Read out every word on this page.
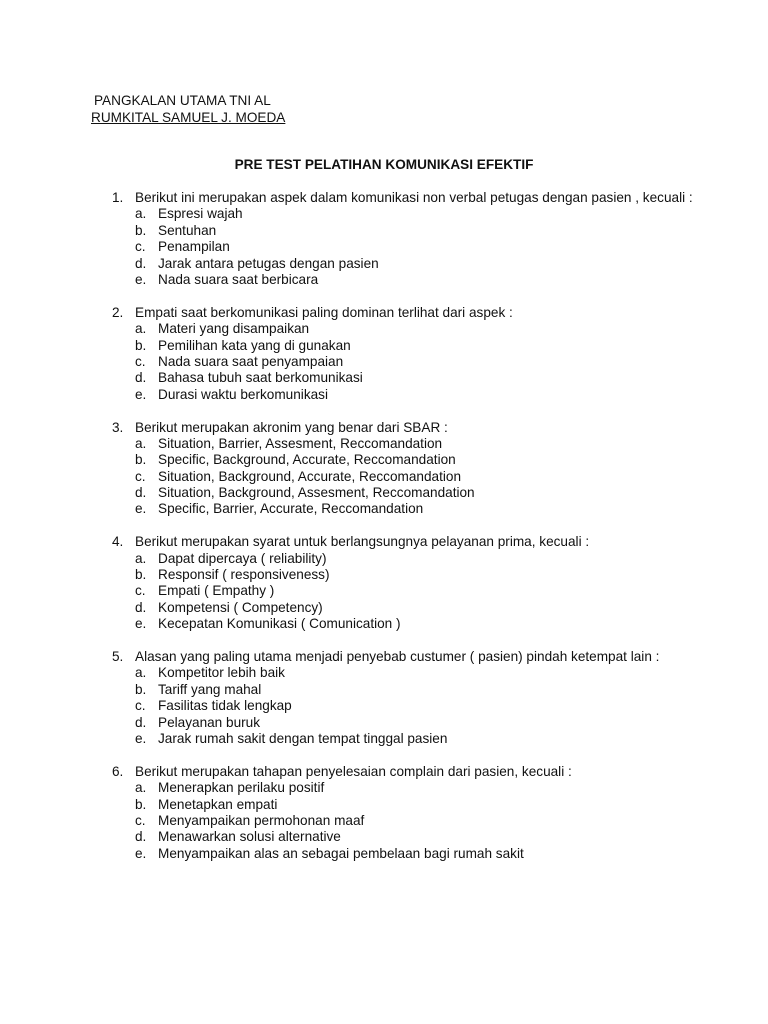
PANGKALAN UTAMA TNI AL
RUMKITAL SAMUEL J. MOEDA
PRE TEST PELATIHAN KOMUNIKASI EFEKTIF
1. Berikut ini merupakan aspek dalam komunikasi non verbal petugas dengan pasien , kecuali :
a. Espresi wajah
b. Sentuhan
c. Penampilan
d. Jarak antara petugas dengan pasien
e. Nada suara saat berbicara
2. Empati saat berkomunikasi paling dominan terlihat dari aspek :
a. Materi yang disampaikan
b. Pemilihan kata yang di gunakan
c. Nada suara saat penyampaian
d. Bahasa tubuh saat berkomunikasi
e. Durasi waktu berkomunikasi
3. Berikut merupakan akronim yang benar dari SBAR :
a. Situation, Barrier, Assesment, Reccomandation
b. Specific, Background, Accurate, Reccomandation
c. Situation, Background, Accurate, Reccomandation
d. Situation, Background, Assesment, Reccomandation
e. Specific, Barrier, Accurate, Reccomandation
4. Berikut merupakan syarat untuk berlangsungnya pelayanan prima, kecuali :
a. Dapat dipercaya ( reliability)
b. Responsif ( responsiveness)
c. Empati ( Empathy )
d. Kompetensi ( Competency)
e. Kecepatan Komunikasi ( Comunication )
5. Alasan yang paling utama menjadi penyebab custumer ( pasien) pindah ketempat lain :
a. Kompetitor lebih baik
b. Tariff yang mahal
c. Fasilitas tidak lengkap
d. Pelayanan buruk
e. Jarak rumah sakit dengan tempat tinggal pasien
6. Berikut merupakan tahapan penyelesaian complain dari pasien, kecuali :
a. Menerapkan perilaku positif
b. Menetapkan empati
c. Menyampaikan permohonan maaf
d. Menawarkan solusi alternative
e. Menyampaikan alas an sebagai pembelaan bagi rumah sakit
